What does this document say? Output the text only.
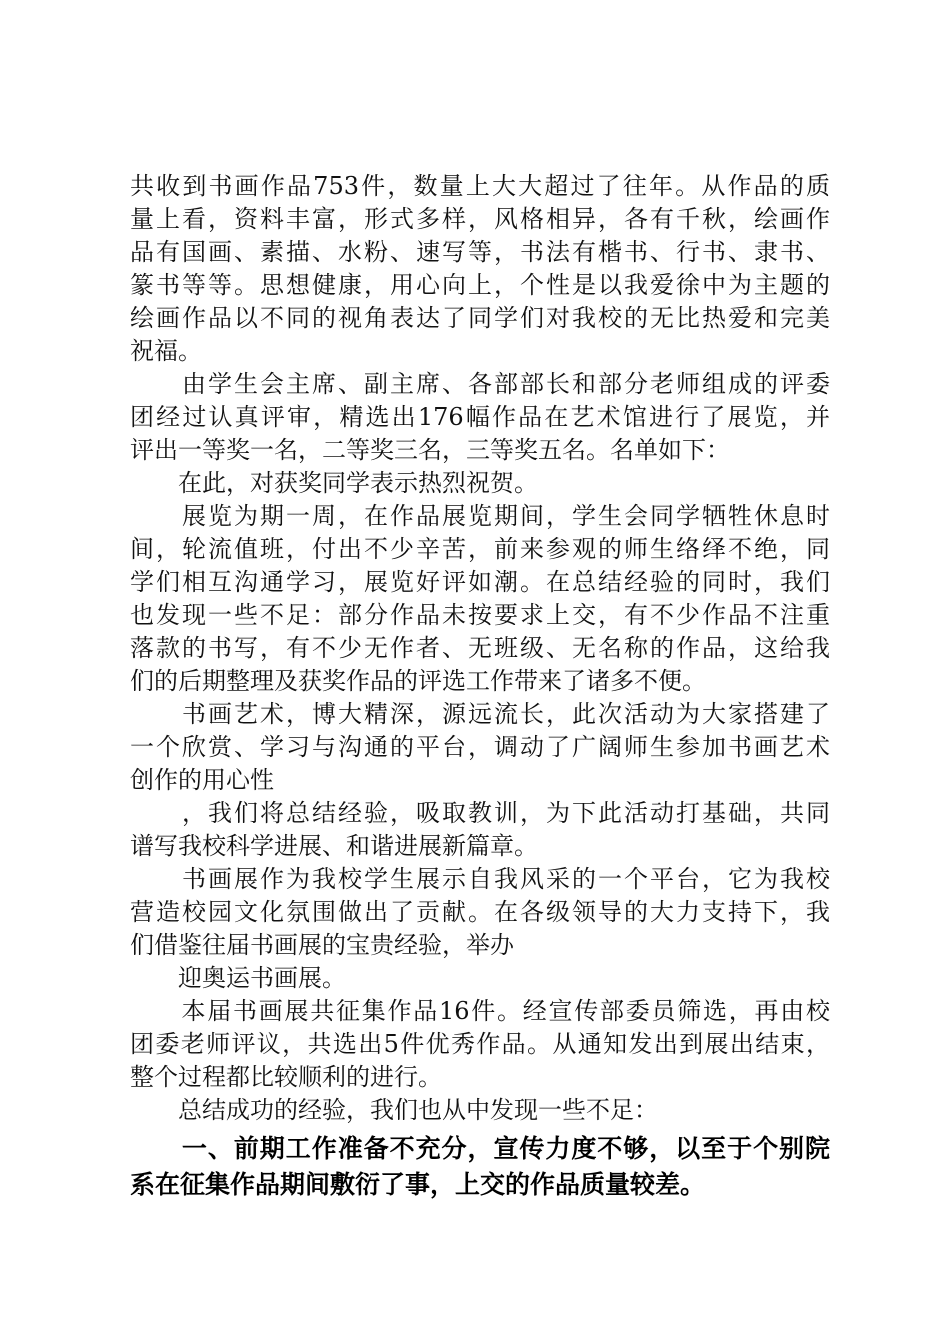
共收到书画作品753件，数量上大大超过了往年。从作品的质
量上看，资料丰富，形式多样，风格相异，各有千秋，绘画作
品有国画、素描、水粉、速写等，书法有楷书、行书、隶书、
篆书等等。思想健康，用心向上，个性是以我爱徐中为主题的
绘画作品以不同的视角表达了同学们对我校的无比热爱和完美
祝福。
　　由学生会主席、副主席、各部部长和部分老师组成的评委
团经过认真评审，精选出176幅作品在艺术馆进行了展览，并
评出一等奖一名，二等奖三名，三等奖五名。名单如下：
　　在此，对获奖同学表示热烈祝贺。
　　展览为期一周，在作品展览期间，学生会同学牺牲休息时
间，轮流值班，付出不少辛苦，前来参观的师生络绎不绝，同
学们相互沟通学习，展览好评如潮。在总结经验的同时，我们
也发现一些不足：部分作品未按要求上交，有不少作品不注重
落款的书写，有不少无作者、无班级、无名称的作品，这给我
们的后期整理及获奖作品的评选工作带来了诸多不便。
　　书画艺术，博大精深，源远流长，此次活动为大家搭建了
一个欣赏、学习与沟通的平台，调动了广阔师生参加书画艺术
创作的用心性
　　，我们将总结经验，吸取教训，为下此活动打基础，共同
谱写我校科学进展、和谐进展新篇章。
　　书画展作为我校学生展示自我风采的一个平台，它为我校
营造校园文化氛围做出了贡献。在各级领导的大力支持下，我
们借鉴往届书画展的宝贵经验，举办
　　迎奥运书画展。
　　本届书画展共征集作品16件。经宣传部委员筛选，再由校
团委老师评议，共选出5件优秀作品。从通知发出到展出结束，
整个过程都比较顺利的进行。
　　总结成功的经验，我们也从中发现一些不足：
　　一、前期工作准备不充分，宣传力度不够，以至于个别院
系在征集作品期间敷衍了事，上交的作品质量较差。
